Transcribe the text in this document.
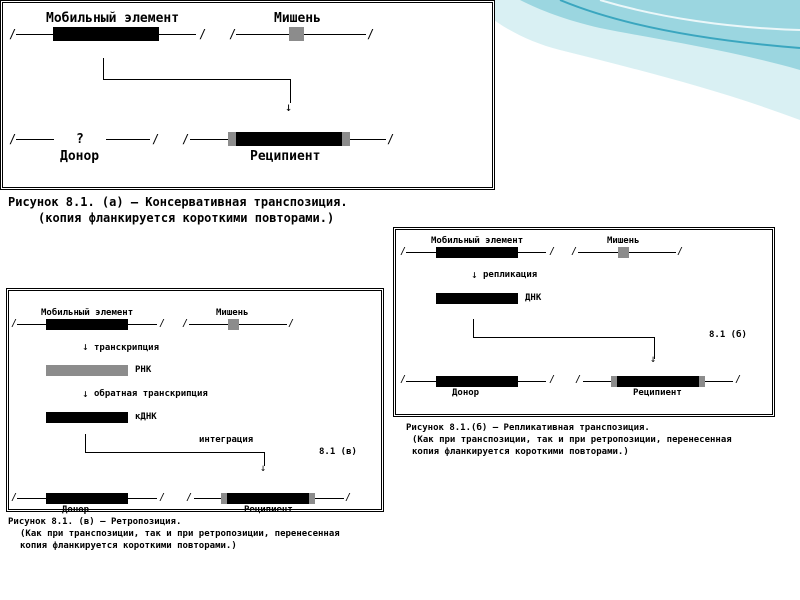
Мобильный элемент	Мишень
/	/ /	/
↓
/	?	/
Донор
/	/
Реципиент
Рисунок 8.1. (а) – Консервативная транспозиция.
(копия фланкируется короткими повторами.)
Мобильный элемент	Мишень
/	/ /	/
↓ репликация
ДНК
↓
8.1 (б)
/	/
Донор
/	/
Реципиент
Рисунок 8.1.(б) – Репликативная транспозиция.
(Как при транспозиции, так и при ретропозиции, перенесенная
копия фланкируется короткими повторами.)
Мобильный элемент	Мишень
/	/ /	/
↓ транскрипция
РНК
↓ обратная транскрипция
кДНК
интеграция
↓
8.1 (в)
/	/
Донор
/	/
Реципиент
Рисунок 8.1. (в) – Ретропозиция.
(Как при транспозиции, так и при ретропозиции, перенесенная
копия фланкируется короткими повторами.)
